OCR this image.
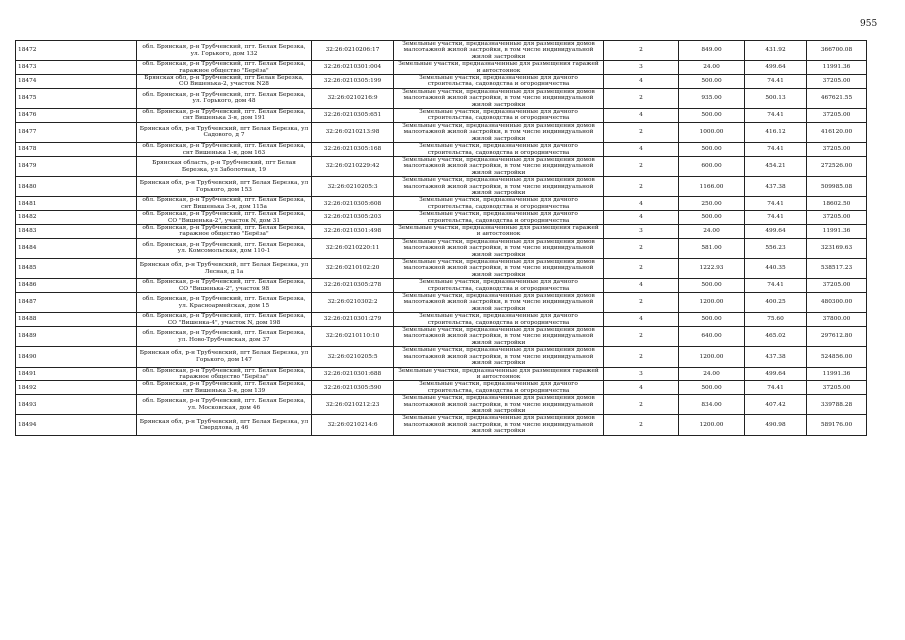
955
18472	обл. Брянская, р-н Трубчевский, пгт. Белая Березка, ул. Горького, дом 132	32:26:0210206:17	Земельные участки, предназначенные для размещения домов малоэтажной жилой застройки, в том числе индивидуальной жилой застройки	2	849.00	431.92	366700.08
18473	обл. Брянская, р-н Трубчевский, пгт. Белая Березка, гаражное общество "Берёза"	32:26:0210301:004	Земельные участки, предназначенные для размещения гаражей и автостоянок	3	24.00	499.64	11991.36
18474	Брянская обл, р-н Трубчевский, пгт Белая Березка, СО Вишенька-2, участок N28	32:26:0210305:199	Земельные участки, предназначенные для дачного строительства, садоводства и огородничества	4	500.00	74.41	37205.00
18475	обл. Брянская, р-н Трубчевский, пгт. Белая Березка, ул. Горького, дом 48	32:26:0210216:9	Земельные участки, предназначенные для размещения домов малоэтажной жилой застройки, в том числе индивидуальной жилой застройки	2	935.00	500.13	467621.55
18476	обл. Брянская, р-н Трубчевский, пгт. Белая Березка, снт Вишенька 3-я, дом 191	32:26:0210305:651	Земельные участки, предназначенные для дачного строительства, садоводства и огородничества	4	500.00	74.41	37205.00
18477	Брянская обл, р-н Трубчевский, пгт Белая Березка, ул Садового, д 7	32:26:0210213:98	Земельные участки, предназначенные для размещения домов малоэтажной жилой застройки, в том числе индивидуальной жилой застройки	2	1000.00	416.12	416120.00
18478	обл. Брянская, р-н Трубчевский, пгт. Белая Березка, снт Вишенька 1-я, дом 163	32:26:0210305:168	Земельные участки, предназначенные для дачного строительства, садоводства и огородничества	4	500.00	74.41	37205.00
18479	Брянская область, р-н Трубчевский, пгт Белая Березка, ул Заболотная, 19	32:26:0210229:42	Земельные участки, предназначенные для размещения домов малоэтажной жилой застройки, в том числе индивидуальной жилой застройки	2	600.00	454.21	272526.00
18480	Брянская обл, р-н Трубчевский, пгт Белая Березка, ул Горького, дом 153	32:26:0210205:3	Земельные участки, предназначенные для размещения домов малоэтажной жилой застройки, в том числе индивидуальной жилой застройки	2	1166.00	437.38	509985.08
18481	обл. Брянская, р-н Трубчевский, пгт. Белая Березка, снт Вишенька 3-я, дом 115а	32:26:0210305:608	Земельные участки, предназначенные для дачного строительства, садоводства и огородничества	4	250.00	74.41	18602.50
18482	обл. Брянская, р-н Трубчевский, пгт. Белая Березка, СО "Вишенька-2", участок N, дом 31	32:26:0210305:203	Земельные участки, предназначенные для дачного строительства, садоводства и огородничества	4	500.00	74.41	37205.00
18483	обл. Брянская, р-н Трубчевский, пгт. Белая Березка, гаражное общество "Берёза"	32:26:0210301:498	Земельные участки, предназначенные для размещения гаражей и автостоянок	3	24.00	499.64	11991.36
18484	обл. Брянская, р-н Трубчевский, пгт. Белая Березка, ул. Комсомольская, дом 110-1	32:26:0210220:11	Земельные участки, предназначенные для размещения домов малоэтажной жилой застройки, в том числе индивидуальной жилой застройки	2	581.00	556.23	323169.63
18485	Брянская обл, р-н Трубчевский, пгт Белая Березка, ул Лесная, д 1а	32:26:0210102:20	Земельные участки, предназначенные для размещения домов малоэтажной жилой застройки, в том числе индивидуальной жилой застройки	2	1222.93	440.35	538517.23
18486	обл. Брянская, р-н Трубчевский, пгт. Белая Березка, СО "Вишенька-2", участок 98	32:26:0210305:278	Земельные участки, предназначенные для дачного строительства, садоводства и огородничества	4	500.00	74.41	37205.00
18487	обл. Брянская, р-н Трубчевский, пгт. Белая Березка, ул. Красноармейская, дом 15	32:26:0210302:2	Земельные участки, предназначенные для размещения домов малоэтажной жилой застройки, в том числе индивидуальной жилой застройки	2	1200.00	400.25	480300.00
18488	обл. Брянская, р-н Трубчевский, пгт. Белая Березка, СО "Вишенка-4", участок N, дом 198	32:26:0210301:279	Земельные участки, предназначенные для дачного строительства, садоводства и огородничества	4	500.00	75.60	37800.00
18489	обл. Брянская, р-н Трубчевский, пгт. Белая Березка, ул. Ново-Трубчевская, дом 37	32:26:0210110:10	Земельные участки, предназначенные для размещения домов малоэтажной жилой застройки, в том числе индивидуальной жилой застройки	2	640.00	465.02	297612.80
18490	Брянская обл, р-н Трубчевский, пгт Белая Березка, ул Горького, дом 147	32:26:0210205:5	Земельные участки, предназначенные для размещения домов малоэтажной жилой застройки, в том числе индивидуальной жилой застройки	2	1200.00	437.38	524856.00
18491	обл. Брянская, р-н Трубчевский, пгт. Белая Березка, гаражное общество "Берёза"	32:26:0210301:688	Земельные участки, предназначенные для размещения гаражей и автостоянок	3	24.00	499.64	11991.36
18492	обл. Брянская, р-н Трубчевский, пгт. Белая Березка, снт Вишенька 3-я, дом 139	32:26:0210305:590	Земельные участки, предназначенные для дачного строительства, садоводства и огородничества	4	500.00	74.41	37205.00
18493	обл. Брянская, р-н Трубчевский, пгт. Белая Березка, ул. Московская, дом 46	32:26:0210212:23	Земельные участки, предназначенные для размещения домов малоэтажной жилой застройки, в том числе индивидуальной жилой застройки	2	834.00	407.42	339788.28
18494	Брянская обл, р-н Трубчевский, пгт Белая Березка, ул Свердлова, д 46	32:26:0210214:6	Земельные участки, предназначенные для размещения домов малоэтажной жилой застройки, в том числе индивидуальной жилой застройки	2	1200.00	490.98	589176.00
